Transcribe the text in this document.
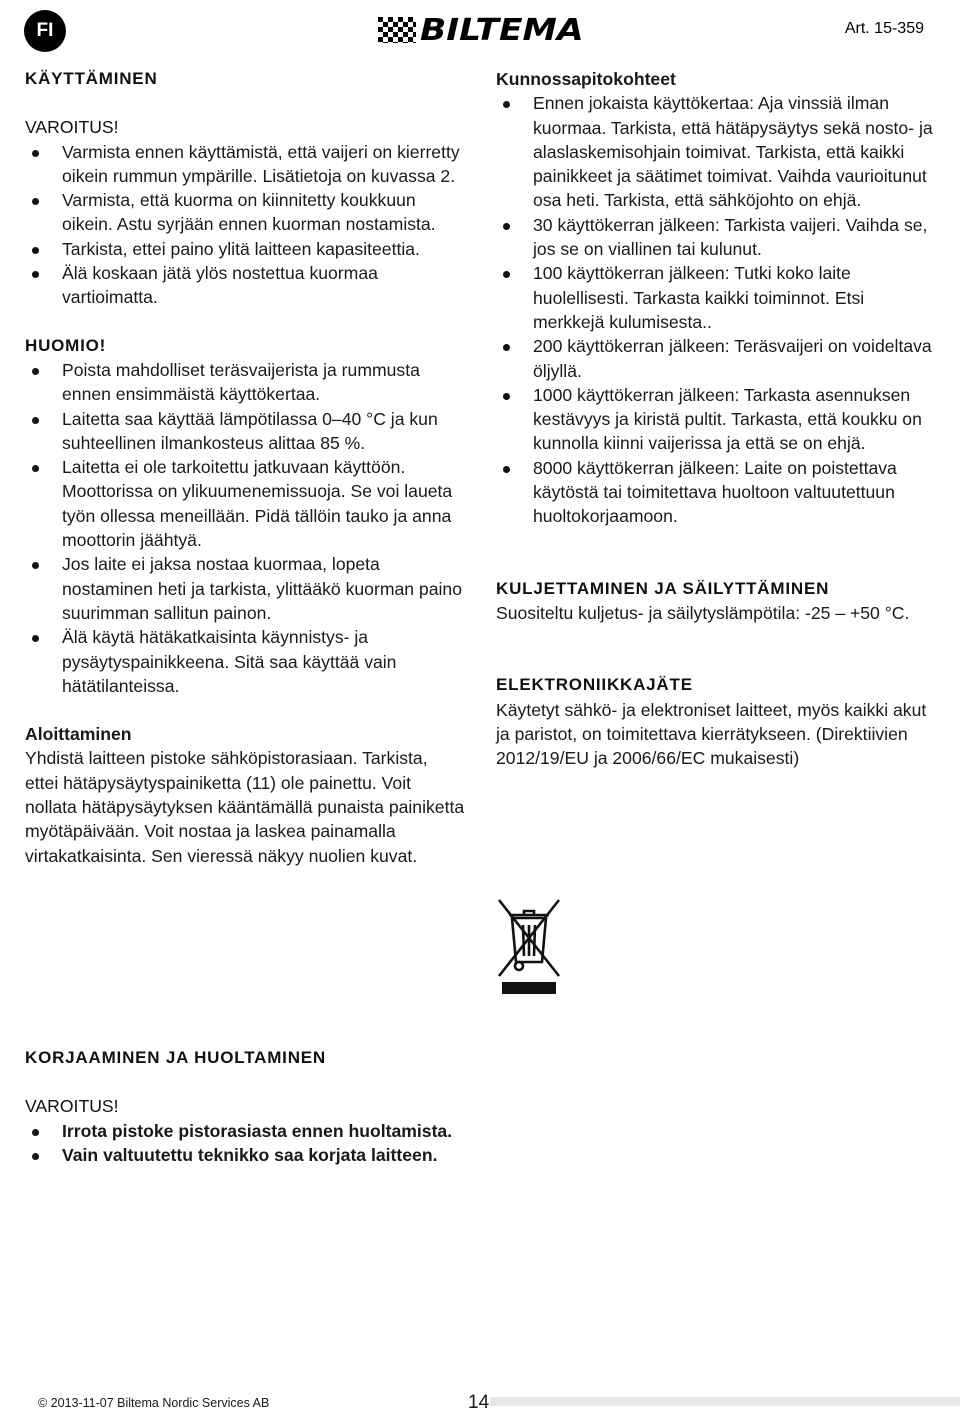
FI	BILTEMA	Art. 15-359
KÄYTTÄMINEN
VAROITUS!
Varmista ennen käyttämistä, että vaijeri on kierretty oikein rummun ympärille. Lisätietoja on kuvassa 2.
Varmista, että kuorma on kiinnitetty koukkuun oikein. Astu syrjään ennen kuorman nostamista.
Tarkista, ettei paino ylitä laitteen kapasiteettia.
Älä koskaan jätä ylös nostettua kuormaa vartioimatta.
HUOMIO!
Poista mahdolliset teräsvaijerista ja rummusta ennen ensimmäistä käyttökertaa.
Laitetta saa käyttää lämpötilassa 0–40 °C ja kun suhteellinen ilmankosteus alittaa 85 %.
Laitetta ei ole tarkoitettu jatkuvaan käyttöön. Moottorissa on ylikuumenemissuoja. Se voi laueta työn ollessa meneillään. Pidä tällöin tauko ja anna moottorin jäähtyä.
Jos laite ei jaksa nostaa kuormaa, lopeta nostaminen heti ja tarkista, ylittääkö kuorman paino suurimman sallitun painon.
Älä käytä hätäkatkaisinta käynnistys- ja pysäytyspainikkeena. Sitä saa käyttää vain hätätilanteissa.
Aloittaminen
Yhdistä laitteen pistoke sähköpistorasiaan. Tarkista, ettei hätäpysäytyspainiketta (11) ole painettu. Voit nollata hätäpysäytyksen kääntämällä punaista painiketta myötäpäivään. Voit nostaa ja laskea painamalla virtakatkaisinta. Sen vieressä näkyy nuolien kuvat.
KORJAAMINEN JA HUOLTAMINEN
VAROITUS!
Irrota pistoke pistorasiasta ennen huoltamista.
Vain valtuutettu teknikko saa korjata laitteen.
Kunnossapitokohteet
Ennen jokaista käyttökertaa: Aja vinssiä ilman kuormaa. Tarkista, että hätäpysäytys sekä nosto- ja alaslaskemisohjain toimivat. Tarkista, että kaikki painikkeet ja säätimet toimivat. Vaihda vaurioitunut osa heti. Tarkista, että sähköjohto on ehjä.
30 käyttökerran jälkeen: Tarkista vaijeri. Vaihda se, jos se on viallinen tai kulunut.
100 käyttökerran jälkeen: Tutki koko laite huolellisesti. Tarkasta kaikki toiminnot. Etsi merkkejä kulumisesta..
200 käyttökerran jälkeen: Teräsvaijeri on voideltava öljyllä.
1000 käyttökerran jälkeen: Tarkasta asennuksen kestävyys ja kiristä pultit. Tarkasta, että koukku on kunnolla kiinni vaijerissa ja että se on ehjä.
8000 käyttökerran jälkeen: Laite on poistettava käytöstä tai toimitettava huoltoon valtuutettuun huoltokorjaamoon.
KULJETTAMINEN JA SÄILYTTÄMINEN
Suositeltu kuljetus- ja säilytyslämpötila: -25 – +50 °C.
ELEKTRONIIKKAJÄTE
Käytetyt sähkö- ja elektroniset laitteet, myös kaikki akut ja paristot, on toimitettava kierrätykseen. (Direktiivien 2012/19/EU ja 2006/66/EC mukaisesti)
© 2013-11-07 Biltema Nordic Services AB	14
